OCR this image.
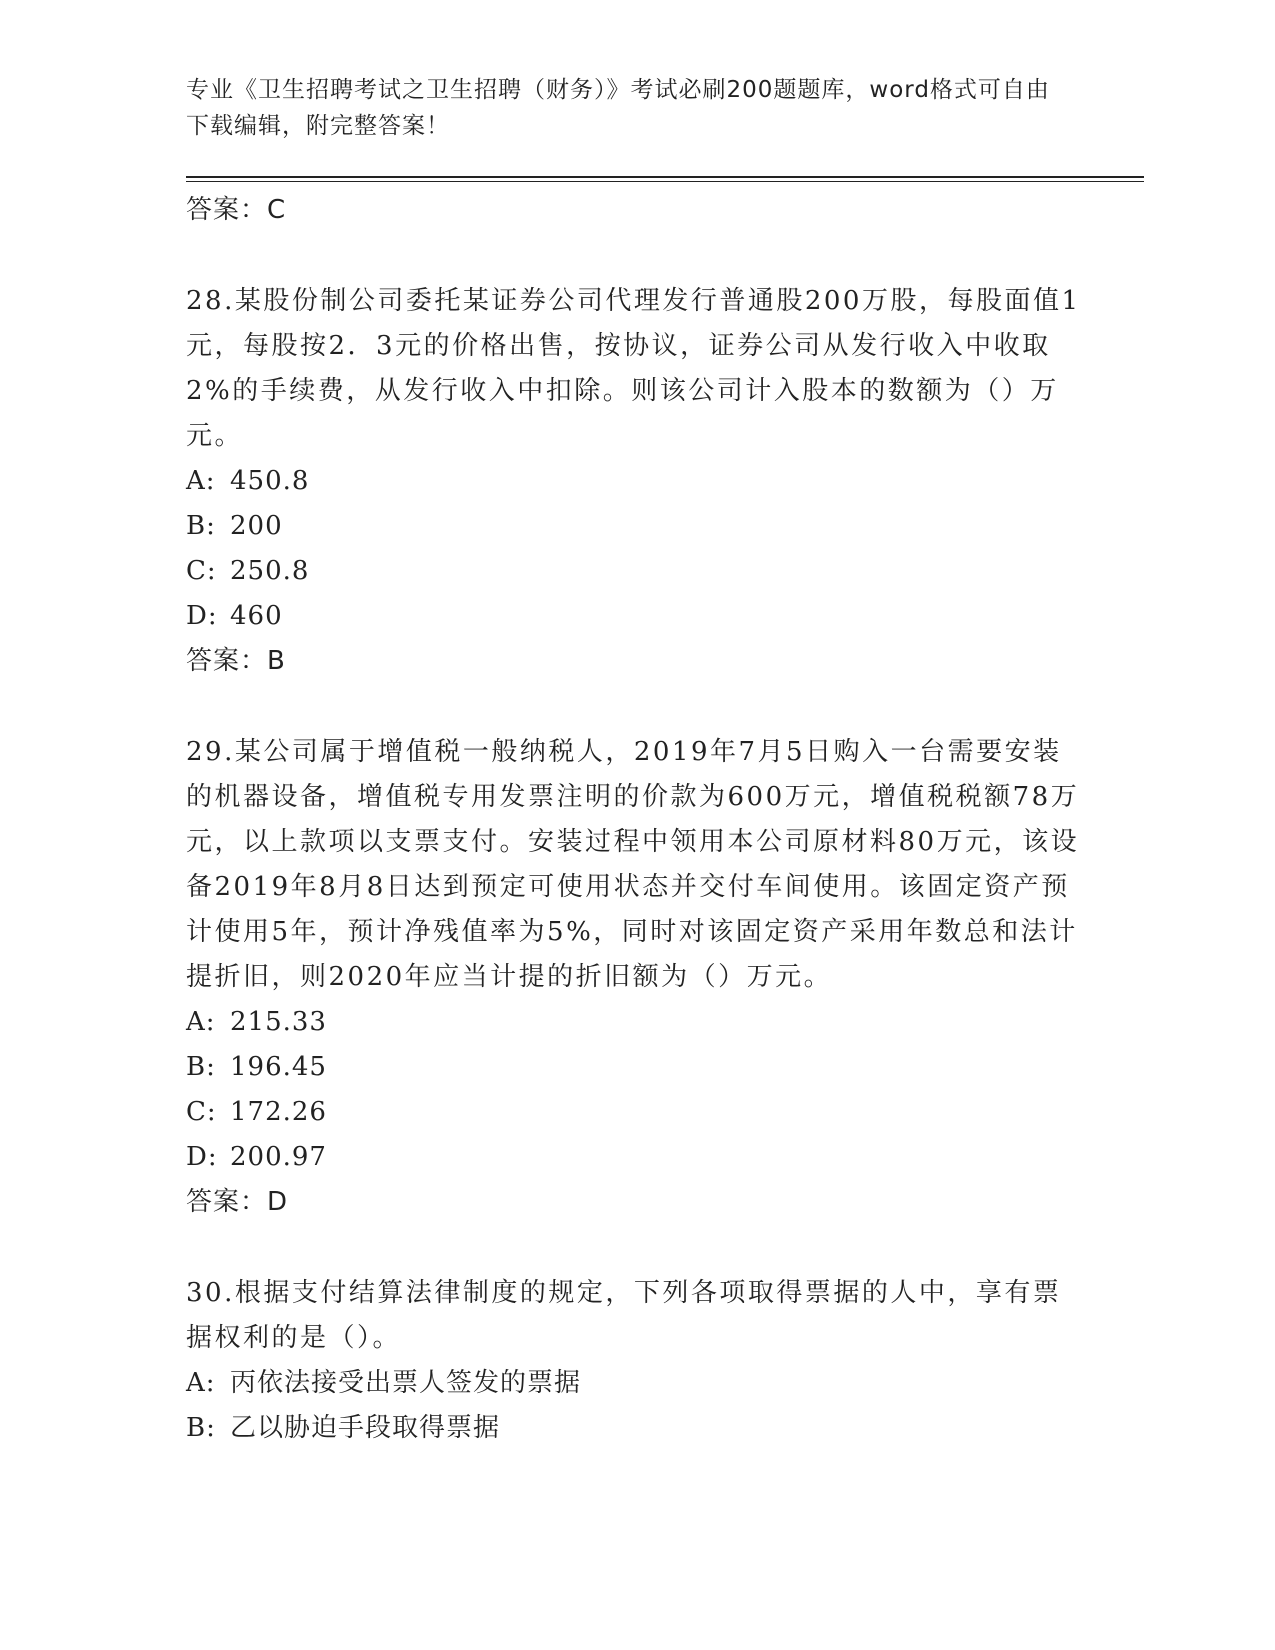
专业《卫生招聘考试之卫生招聘（财务）》考试必刷200题题库，word格式可自由下载编辑，附完整答案！
答案：C

28.某股份制公司委托某证券公司代理发行普通股200万股，每股面值1元，每股按2．3元的价格出售，按协议，证券公司从发行收入中收取2%的手续费，从发行收入中扣除。则该公司计入股本的数额为（）万元。

A: 450.8
B: 200
C: 250.8
D: 460
答案：B

29.某公司属于增值税一般纳税人，2019年7月5日购入一台需要安装的机器设备，增值税专用发票注明的价款为600万元，增值税税额78万元，以上款项以支票支付。安装过程中领用本公司原材料80万元，该设备2019年8月8日达到预定可使用状态并交付车间使用。该固定资产预计使用5年，预计净残值率为5%，同时对该固定资产采用年数总和法计提折旧，则2020年应当计提的折旧额为（）万元。

A: 215.33
B: 196.45
C: 172.26
D: 200.97
答案：D

30.根据支付结算法律制度的规定，下列各项取得票据的人中，享有票据权利的是（）。

A: 丙依法接受出票人签发的票据
B: 乙以胁迫手段取得票据
